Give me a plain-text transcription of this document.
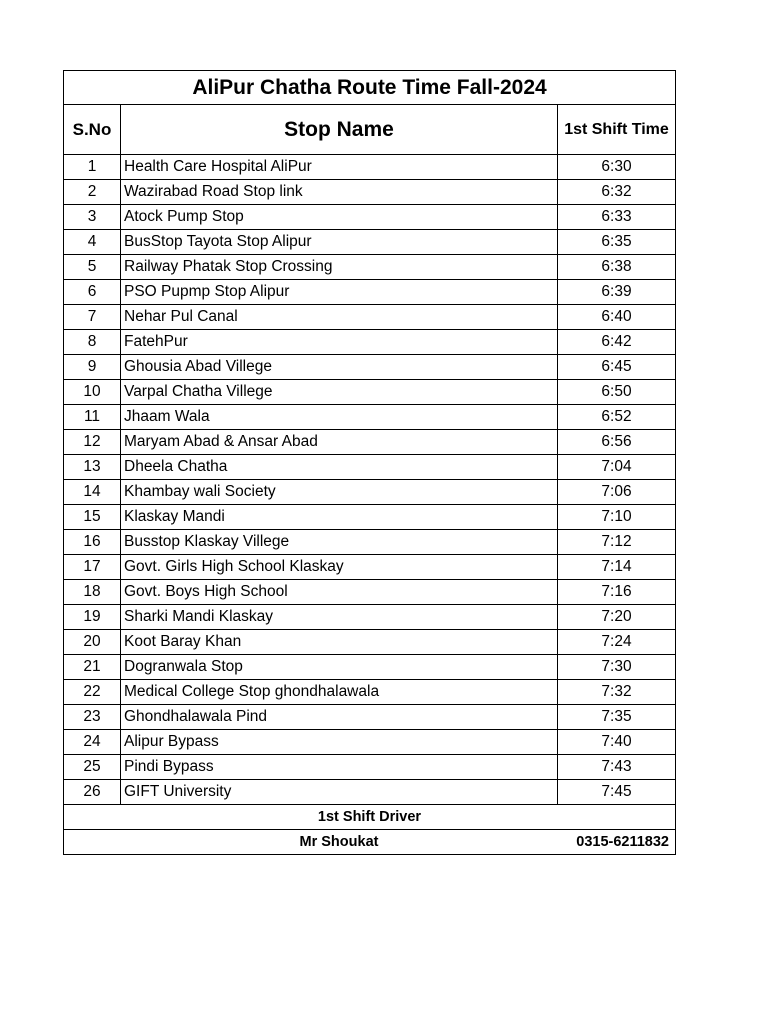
AliPur Chatha Route Time Fall-2024		
S.No	Stop Name	1st Shift Time
1	Health Care Hospital AliPur	6:30
2	Wazirabad Road Stop link	6:32
3	Atock Pump Stop	6:33
4	BusStop Tayota Stop Alipur	6:35
5	Railway Phatak Stop Crossing	6:38
6	PSO Pupmp Stop Alipur	6:39
7	Nehar Pul Canal	6:40
8	FatehPur	6:42
9	Ghousia Abad Villege	6:45
10	Varpal Chatha Villege	6:50
11	Jhaam Wala	6:52
12	Maryam Abad & Ansar Abad	6:56
13	Dheela Chatha	7:04
14	Khambay wali Society	7:06
15	Klaskay Mandi	7:10
16	Busstop Klaskay Villege	7:12
17	Govt. Girls High School Klaskay	7:14
18	Govt. Boys High School	7:16
19	Sharki Mandi Klaskay	7:20
20	Koot Baray Khan	7:24
21	Dogranwala Stop	7:30
22	Medical College Stop ghondhalawala	7:32
23	Ghondhalawala Pind	7:35
24	Alipur Bypass	7:40
25	Pindi Bypass	7:43
26	GIFT University	7:45
1st Shift Driver		
	Mr Shoukat	0315-6211832
